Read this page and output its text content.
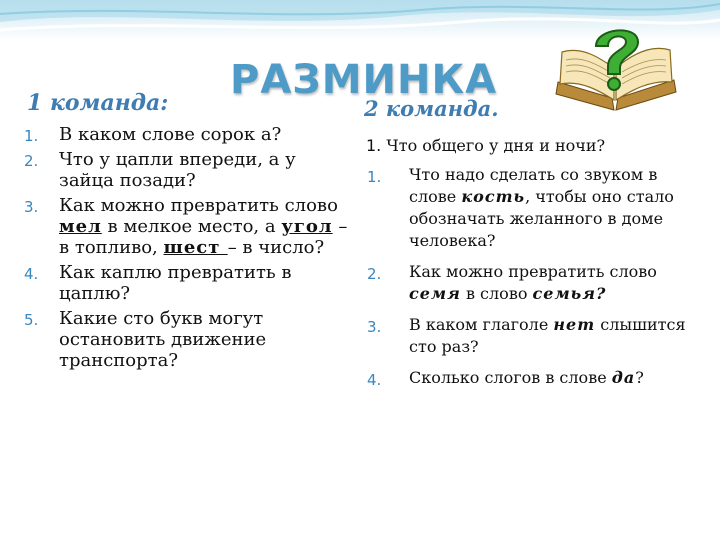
РАЗМИНКА
1 команда:
1. В каком слове сорок а?
2. Что у цапли впереди, а у зайца позади?
3. Как можно превратить слово мел в мелкое место, а угол – в топливо, шест – в число?
4. Как каплю превратить в цаплю?
5. Какие сто букв могут остановить движение транспорта?
2 команда.
1. Что общего у дня и ночи?
1. Что надо сделать со звуком в слове кость, чтобы оно стало обозначать желанного в доме человека?
2. Как можно превратить слово семя в слово семья?
3. В каком глаголе нет слышится сто раз?
4. Сколько слогов в слове да?
